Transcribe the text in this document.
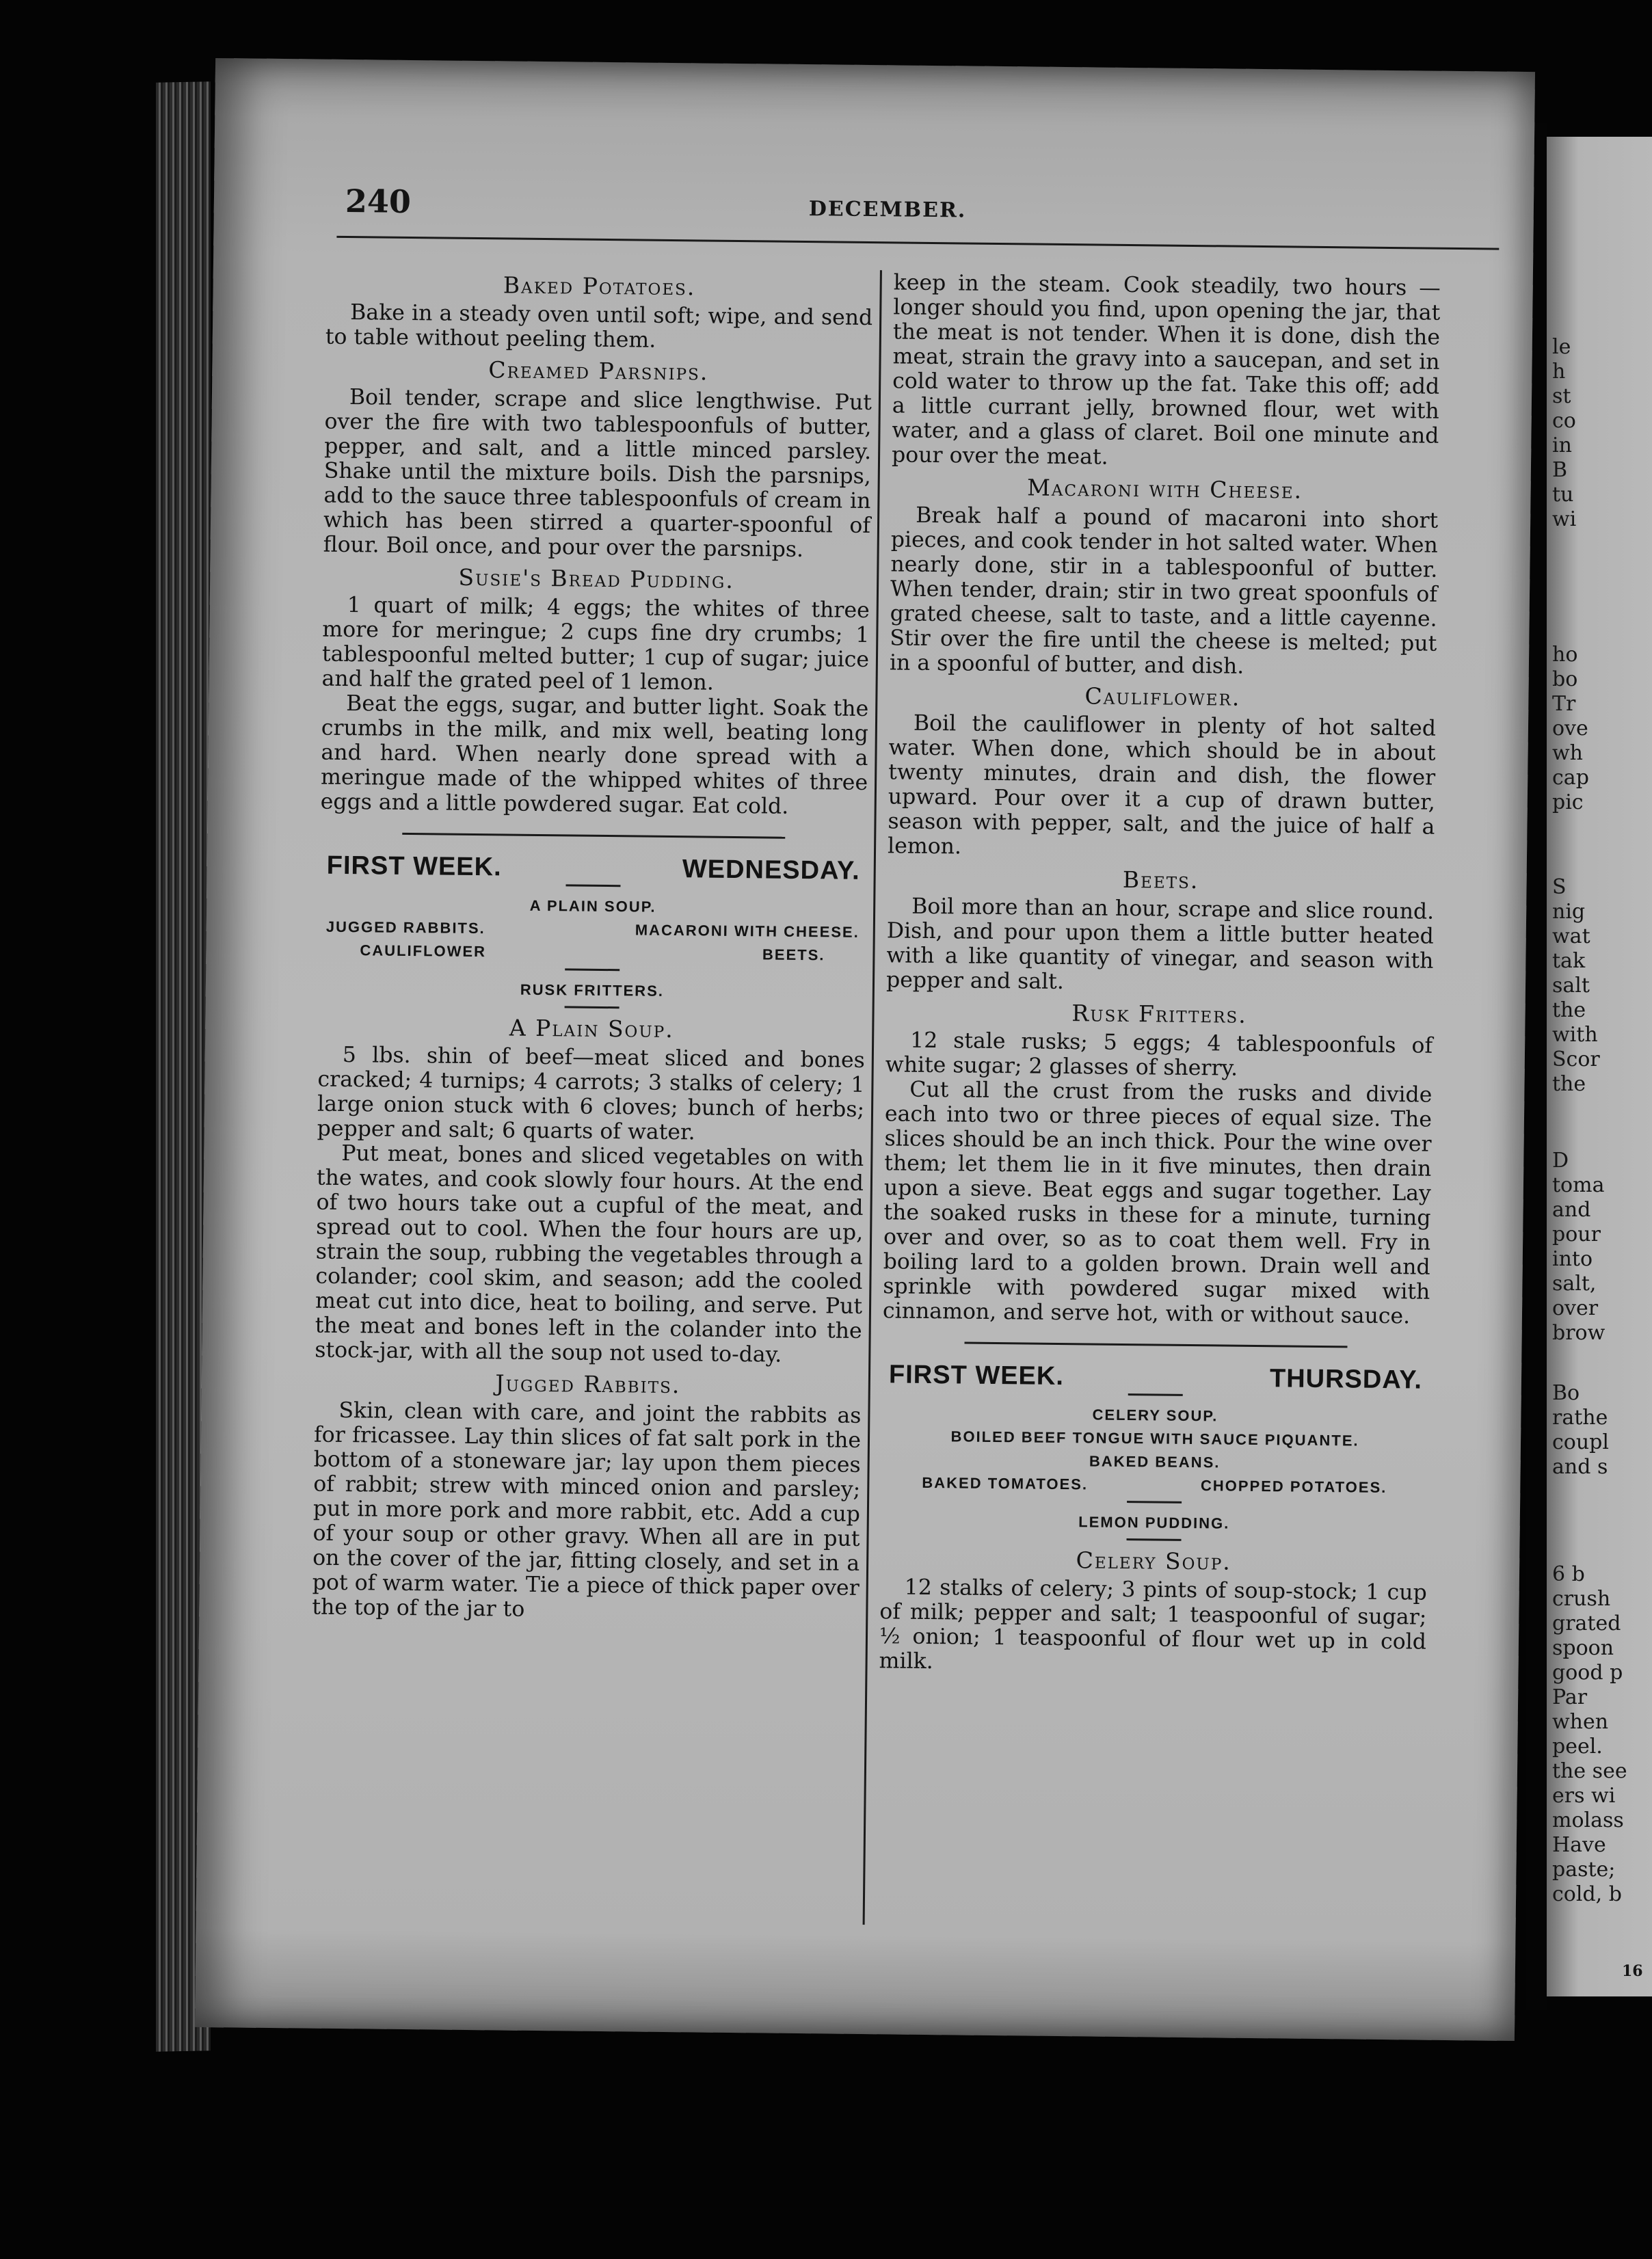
240	DECEMBER.
Baked Potatoes.

Bake in a steady oven until soft; wipe, and send to table without peeling them.

Creamed Parsnips.

Boil tender, scrape and slice lengthwise. Put over the fire with two tablespoonfuls of butter, pepper, and salt, and a little minced parsley. Shake until the mixture boils. Dish the parsnips, add to the sauce three tablespoonfuls of cream in which has been stirred a quarter-spoonful of flour. Boil once, and pour over the parsnips.

Susie's Bread Pudding.

1 quart of milk; 4 eggs; the whites of three more for meringue; 2 cups fine dry crumbs; 1 tablespoonful melted butter; 1 cup of sugar; juice and half the grated peel of 1 lemon.

Beat the eggs, sugar, and butter light. Soak the crumbs in the milk, and mix well, beating long and hard. When nearly done spread with a meringue made of the whipped whites of three eggs and a little powdered sugar. Eat cold.

FIRST WEEK.	WEDNESDAY.
A PLAIN SOUP.
JUGGED RABBITS.	MACARONI WITH CHEESE.
CAULIFLOWER	BEETS.
RUSK FRITTERS.
A Plain Soup.

5 lbs. shin of beef—meat sliced and bones cracked; 4 turnips; 4 carrots; 3 stalks of celery; 1 large onion stuck with 6 cloves; bunch of herbs; pepper and salt; 6 quarts of water.

Put meat, bones and sliced vegetables on with the wates, and cook slowly four hours. At the end of two hours take out a cupful of the meat, and spread out to cool. When the four hours are up, strain the soup, rubbing the vegetables through a colander; cool skim, and season; add the cooled meat cut into dice, heat to boiling, and serve. Put the meat and bones left in the colander into the stock-jar, with all the soup not used to-day.

Jugged Rabbits.

Skin, clean with care, and joint the rabbits as for fricassee. Lay thin slices of fat salt pork in the bottom of a stoneware jar; lay upon them pieces of rabbit; strew with minced onion and parsley; put in more pork and more rabbit, etc. Add a cup of your soup or other gravy. When all are in put on the cover of the jar, fitting closely, and set in a pot of warm water. Tie a piece of thick paper over the top of the jar to

keep in the steam. Cook steadily, two hours —longer should you find, upon opening the jar, that the meat is not tender. When it is done, dish the meat, strain the gravy into a saucepan, and set in cold water to throw up the fat. Take this off; add a little currant jelly, browned flour, wet with water, and a glass of claret. Boil one minute and pour over the meat.

Macaroni with Cheese.

Break half a pound of macaroni into short pieces, and cook tender in hot salted water. When nearly done, stir in a tablespoonful of butter. When tender, drain; stir in two great spoonfuls of grated cheese, salt to taste, and a little cayenne. Stir over the fire until the cheese is melted; put in a spoonful of butter, and dish.

Cauliflower.

Boil the cauliflower in plenty of hot salted water. When done, which should be in about twenty minutes, drain and dish, the flower upward. Pour over it a cup of drawn butter, season with pepper, salt, and the juice of half a lemon.

Beets.

Boil more than an hour, scrape and slice round. Dish, and pour upon them a little butter heated with a like quantity of vinegar, and season with pepper and salt.

Rusk Fritters.

12 stale rusks; 5 eggs; 4 tablespoonfuls of white sugar; 2 glasses of sherry.

Cut all the crust from the rusks and divide each into two or three pieces of equal size. The slices should be an inch thick. Pour the wine over them; let them lie in it five minutes, then drain upon a sieve. Beat eggs and sugar together. Lay the soaked rusks in these for a minute, turning over and over, so as to coat them well. Fry in boiling lard to a golden brown. Drain well and sprinkle with powdered sugar mixed with cinnamon, and serve hot, with or without sauce.

FIRST WEEK.	THURSDAY.
CELERY SOUP.
BOILED BEEF TONGUE WITH SAUCE PIQUANTE.
BAKED BEANS.
BAKED TOMATOES.	CHOPPED POTATOES.
LEMON PUDDING.
Celery Soup.

12 stalks of celery; 3 pints of soup-stock; 1 cup of milk; pepper and salt; 1 teaspoonful of sugar; ½ onion; 1 teaspoonful of flour wet up in cold milk.

le
h
st
co
in
B
tu
wi
ho
bo
Tr
ove
wh
cap
pic
S
nig
wat
tak
salt
the
with
Scor
the
D
toma
and
pour
into
salt,
over
brow
Bo
rathe
coupl
and s
6 b
crush
grated
spoon
good p
Par
when
peel.
the see
ers wi
molass
Have
paste;
cold, b
16
